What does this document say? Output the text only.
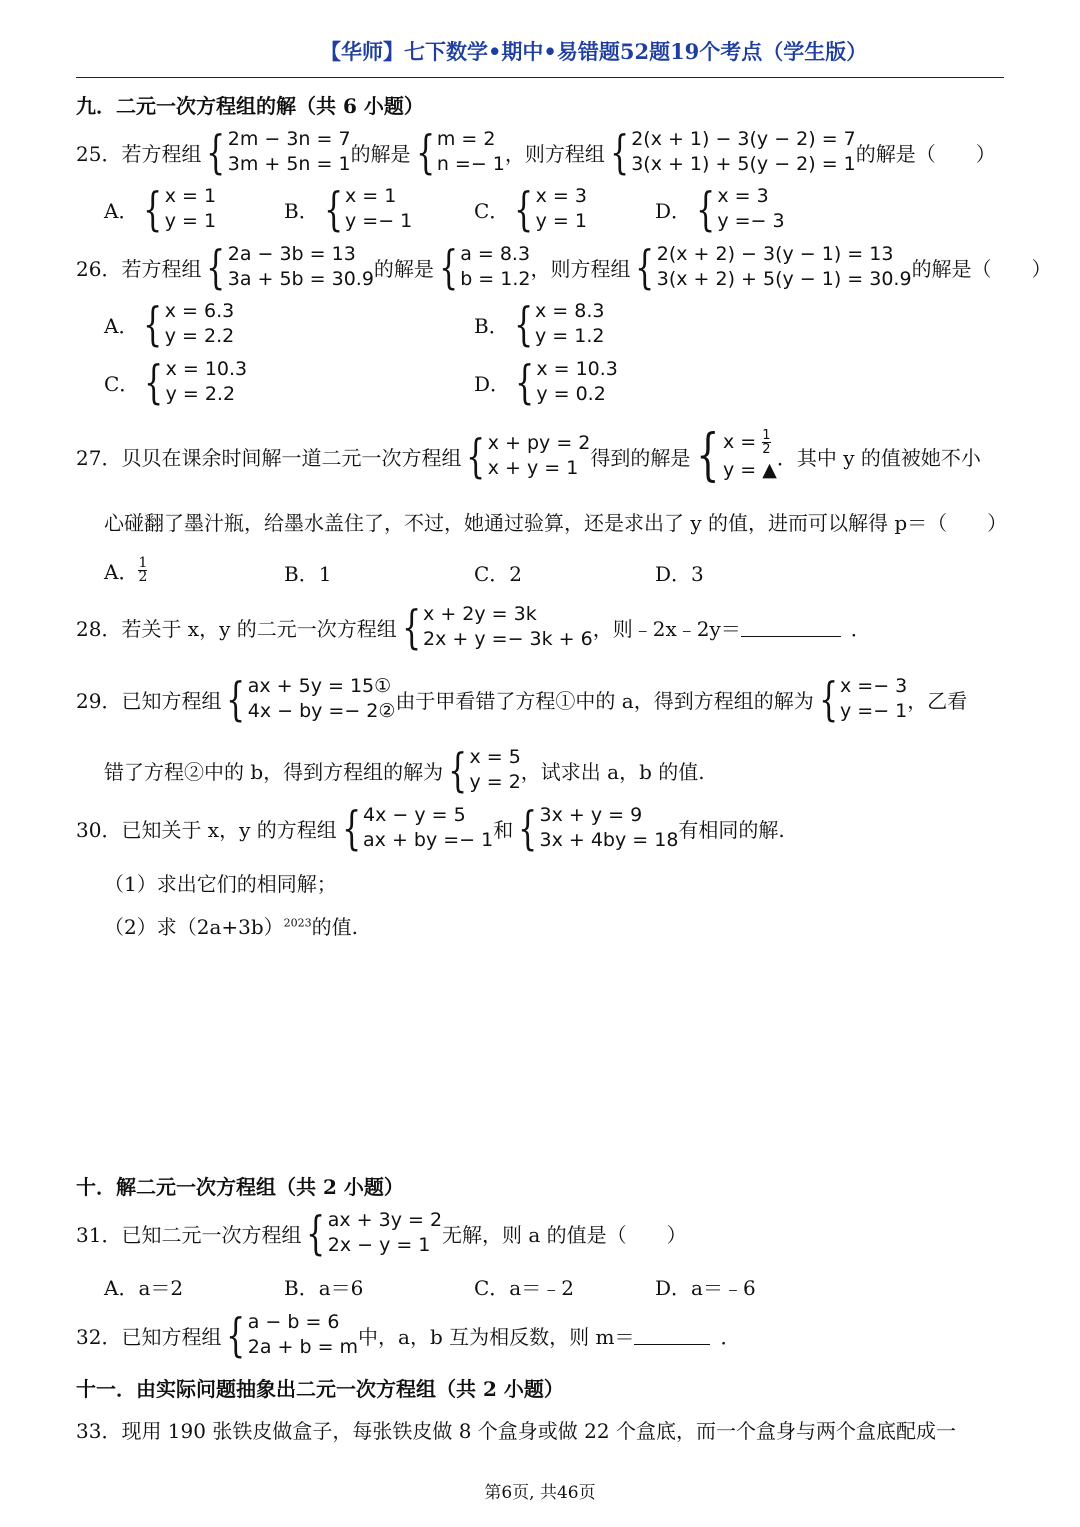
【华师】七下数学•期中•易错题52题19个考点（学生版）
九．二元一次方程组的解（共 6 小题）
25． 若方程组 { 2m − 3n = 7
3m + 5n = 1 的解是 { m = 2
n =− 1 ，则方程组 { 2(x + 1) − 3(y − 2) = 7
3(x + 1) + 5(y − 2) = 1 的解是（　　）
A． { x = 1
y = 1	B． { x = 1
y =− 1	C． { x = 3
y = 1	D． { x = 3
y =− 3
26． 若方程组 { 2a − 3b = 13
3a + 5b = 30.9 的解是 { a = 8.3
b = 1.2 ，则方程组 { 2(x + 2) − 3(y − 1) = 13
3(x + 2) + 5(y − 1) = 30.9 的解是（　　）
A． { x = 6.3
y = 2.2	B． { x = 8.3
y = 1.2
C． { x = 10.3
y = 2.2	D． { x = 10.3
y = 0.2
27． 贝贝在课余时间解一道二元一次方程组 { x + py = 2
x + y = 1 得到的解是 { $x = \frac{1}{2}$
y = ▲
．其中 y 的值被她不小
心碰翻了墨汁瓶，给墨水盖住了，不过，她通过验算，还是求出了 y 的值，进而可以解得 p＝（　　）
A． $\frac{1}{2}$	B．1	C．2	D．3
28． 若关于 x，y 的二元一次方程组 { x + 2y = 3k
2x + y =− 3k + 6 ，则﹣2x﹣2y＝	．
29． 已知方程组 { ax + 5y = 15①
4x − by =− 2② 由于甲看错了方程①中的 a，得到方程组的解为 { x =− 3
y =− 1 ，乙看
错了方程②中的 b，得到方程组的解为 { x = 5
y = 2 ，试求出 a，b 的值.
30． 已知关于 x，y 的方程组 { 4x − y = 5
ax + by =− 1 和 { 3x + y = 9
3x + 4by = 18 有相同的解.
（1）求出它们的相同解；
（2）求$(2a+3b)^{2023}$的值.
十．解二元一次方程组（共 2 小题）
31． 已知二元一次方程组 { ax + 3y = 2
2x − y = 1 无解，则 a 的值是（　　）
A．a＝2	B．a＝6	C．a＝﹣2	D．a＝﹣6
32． 已知方程组 { a − b = 6
2a + b = m 中，a，b 互为相反数，则 m＝	．
十一．由实际问题抽象出二元一次方程组（共 2 小题）
33．现用 190 张铁皮做盒子，每张铁皮做 8 个盒身或做 22 个盒底，而一个盒身与两个盒底配成一
第6页, 共46页
